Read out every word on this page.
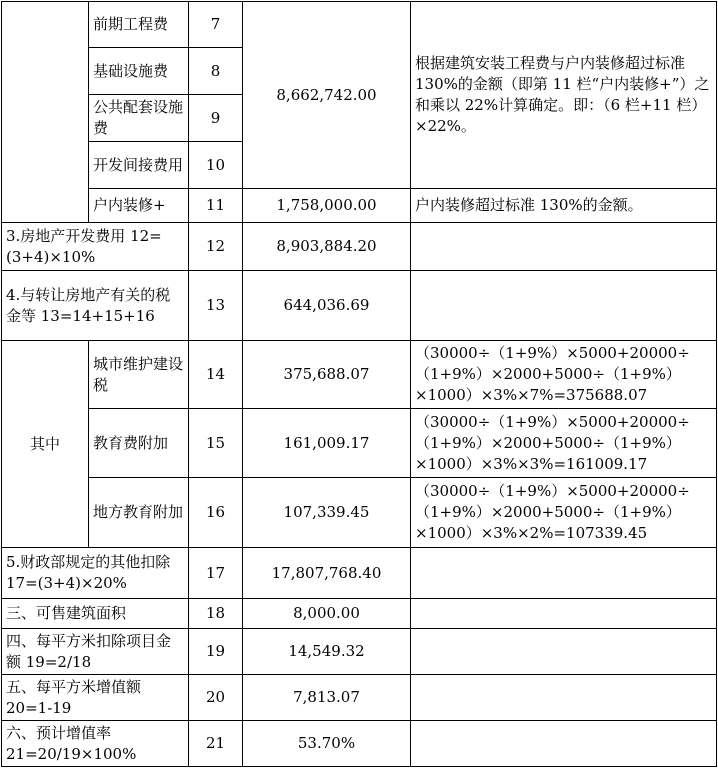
	前期工程费	7	8,662,742.00	根据建筑安装工程费与户内装修超过标准 130%的金额（即第 11 栏“户内装修+”）之和乘以 22%计算确定。即：（6 栏+11 栏）×22%。
	基础设施费	8		
	公共配套设施费	9		
	开发间接费用	10		
	户内装修+	11	1,758,000.00	户内装修超过标准 130%的金额。
3.房地产开发费用 12=(3+4)×10%		12	8,903,884.20	
4.与转让房地产有关的税金等 13=14+15+16		13	644,036.69	
其中	城市维护建设税	14	375,688.07	（30000÷（1+9%）×5000+20000÷（1+9%）×2000+5000÷（1+9%）×1000）×3%×7%=375688.07
	教育费附加	15	161,009.17	（30000÷（1+9%）×5000+20000÷（1+9%）×2000+5000÷（1+9%）×1000）×3%×3%=161009.17
	地方教育附加	16	107,339.45	（30000÷（1+9%）×5000+20000÷（1+9%）×2000+5000÷（1+9%）×1000）×3%×2%=107339.45
5.财政部规定的其他扣除 17=(3+4)×20%		17	17,807,768.40	
三、可售建筑面积		18	8,000.00	
四、每平方米扣除项目金额 19=2/18		19	14,549.32	
五、每平方米增值额 20=1-19		20	7,813.07	
六、预计增值率 21=20/19×100%		21	53.70%	
